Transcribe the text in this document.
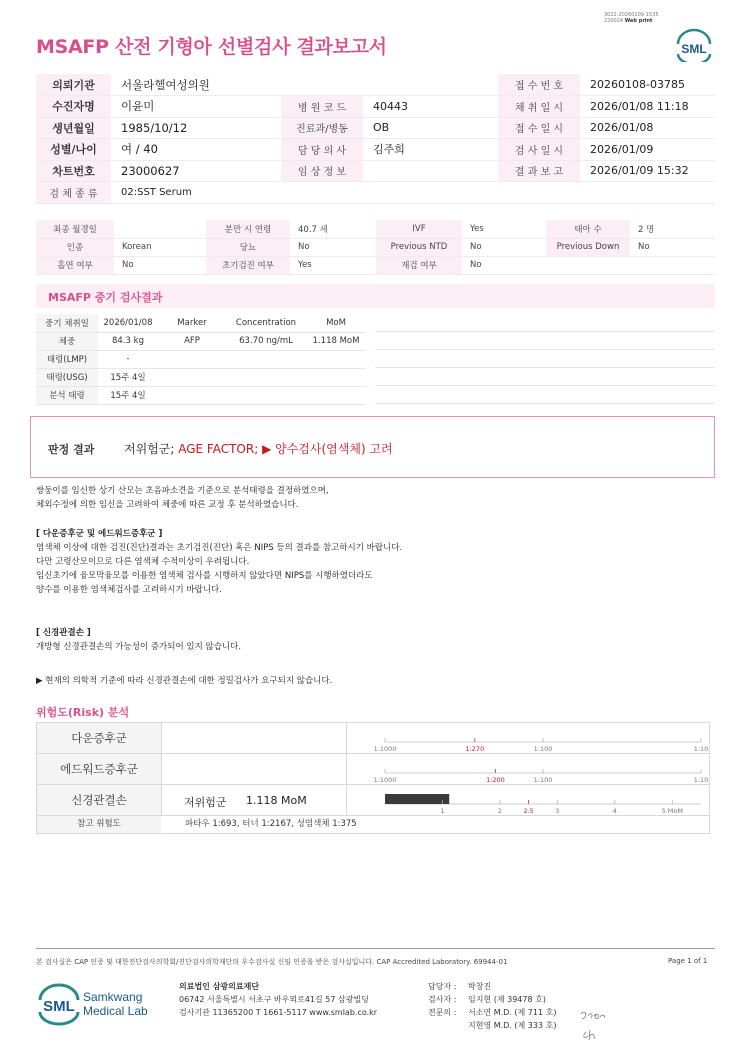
3022-20260109-1535
220024 Web print
MSAFP 산전 기형아 선별검사 결과보고서	SML
의뢰기관	서울라헬여성의원			접 수 번 호	20260108-03785
수진자명	이윤미	병 원 코 드	40443	채 취 일 시	2026/01/08 11:18
생년월일	1985/10/12	진료과/병동	OB	접 수 일 시	2026/01/08
성별/나이	여 / 40	담 당 의 사	김주희	검 사 일 시	2026/01/09
차트번호	23000627	임 상 정 보		결 과 보 고	2026/01/09 15:32
검 체 종 류	02:SST Serum				
최종 월경일		분만 시 연령	40.7 세	IVF	Yes	태아 수	2 명
인종	Korean	당뇨	No	Previous NTD	No	Previous Down	No
흡연 여부	No	초기검진 여부	Yes	재검 여부	No		
MSAFP 중기 검사결과
중기 채취일	2026/01/08	Marker	Concentration	MoM
체중	84.3 kg	AFP	63.70 ng/mL	1.118 MoM
태령(LMP)	-			
태령(USG)	15주 4일			
분석 태령	15주 4일			
판정 결과 저위험군; AGE FACTOR; ▶ 양수검사(염색체) 고려
쌍둥이를 임신한 상기 산모는 초음파소견을 기준으로 분석태령을 결정하였으며,
체외수정에 의한 임신을 고려하여 체중에 따른 교정 후 분석하였습니다.
[ 다운증후군 및 에드워드증후군 ]
염색체 이상에 대한 검진(진단)결과는 초기검진(진단) 혹은 NIPS 등의 결과를 참고하시기 바랍니다.
다만 고령산모이므로 다른 염색체 수적이상이 우려됩니다.
임신초기에 융모막융모를 이용한 염색체 검사를 시행하지 않았다면 NIPS를 시행하였더라도
양수를 이용한 염색체검사를 고려하시기 바랍니다.
[ 신경관결손 ]
개방형 신경관결손의 가능성이 증가되어 있지 않습니다.
▶ 현재의 의학적 기준에 따라 신경관결손에 대한 정밀검사가 요구되지 않습니다.
위험도(Risk) 분석
다운증후군
1:1000	1:270	1:100	1:10
에드워드증후군
1:1000	1:200	1:100	1:10
신경관결손	저위험군 1.118 MoM
1	2	2.5	3	4	5 MoM
참고 위험도	파타우 1:693, 터너 1:2167, 성염색체 1:375
본 검사실은 CAP 인증 및 대한진단검사의학회/진단검사의학재단의 우수검사실 신임 인증을 받은 검사실입니다. CAP Accredited Laboratory. 69944-01	Page 1 of 1
SML
Samkwang
Medical Lab
의료법인 삼광의료재단
06742 서울특별시 서초구 바우뫼로41길 57 삼광빌딩
검사기관 11365200 T 1661-5117 www.smlab.co.kr
담당자 : 박창진
검사자 : 임지현 (제 39478 호)
전문의 : 서소연 M.D. (제 711 호)
지현영 M.D. (제 333 호)
